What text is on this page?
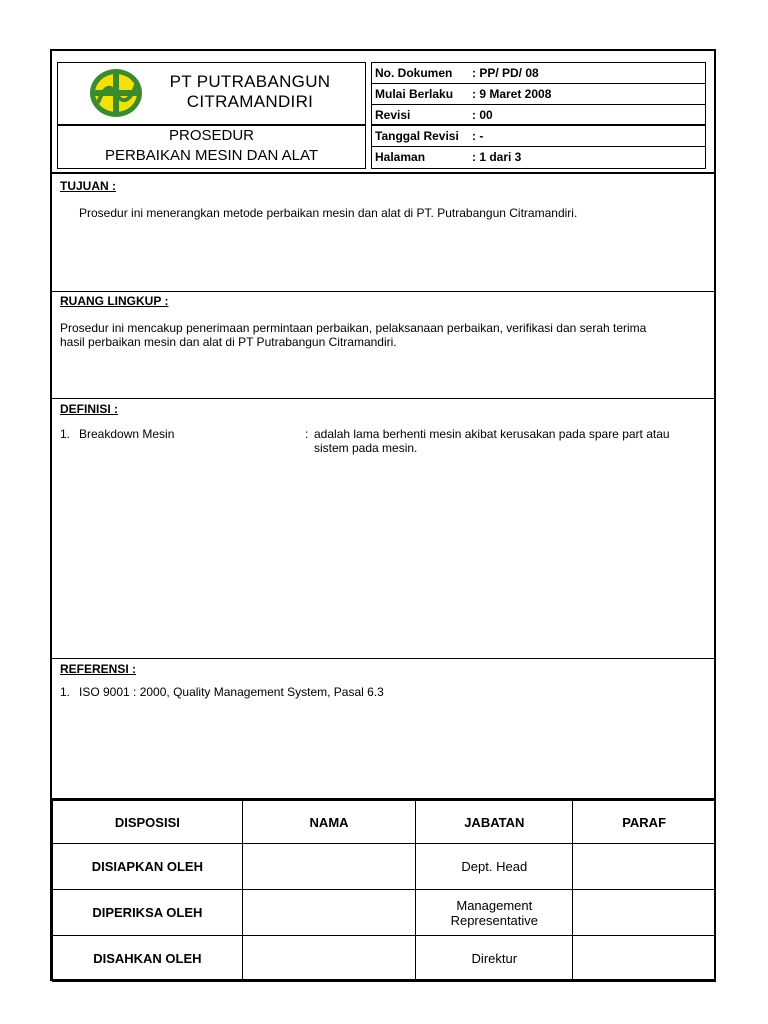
PT PUTRABANGUN
CITRAMANDIRI
PROSEDUR
PERBAIKAN MESIN DAN ALAT
No. Dokumen : PP/ PD/ 08
Mulai Berlaku : 9 Maret 2008
Revisi	: 00
Tanggal Revisi : -
Halaman	: 1 dari 3
TUJUAN :
Prosedur ini menerangkan metode perbaikan mesin dan alat di PT. Putrabangun Citramandiri.
RUANG LINGKUP :
Prosedur ini mencakup penerimaan permintaan perbaikan, pelaksanaan perbaikan, verifikasi dan serah terima
hasil perbaikan mesin dan alat di PT Putrabangun Citramandiri.
DEFINISI :
1. Breakdown Mesin	: adalah lama berhenti mesin akibat kerusakan pada spare part atau
sistem pada mesin.
REFERENSI :
1. ISO 9001 : 2000, Quality Management System, Pasal 6.3
DISPOSISI	NAMA	JABATAN	PARAF
DISIAPKAN OLEH		Dept. Head	

DIPERIKSA OLEH		Management
Representative	

DISAHKAN OLEH		Direktur	
